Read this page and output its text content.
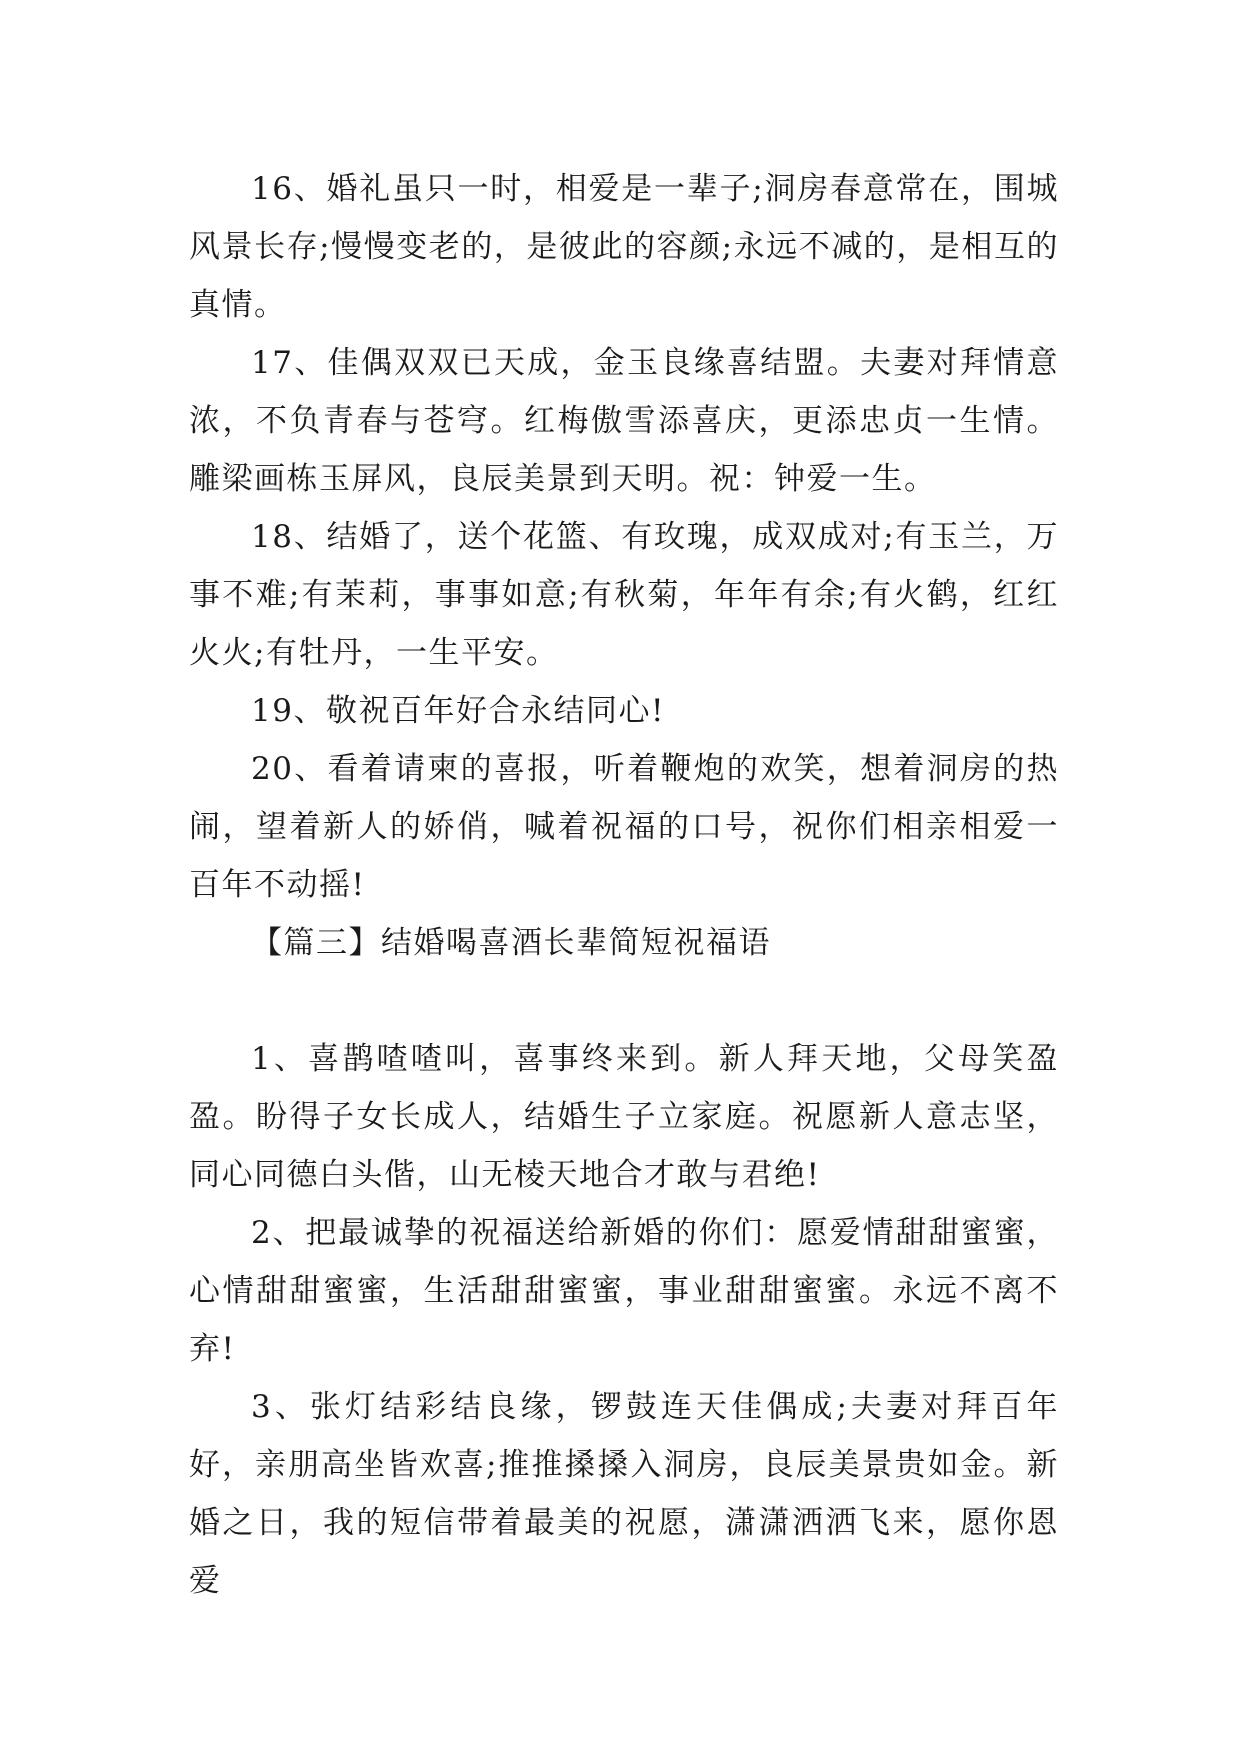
16、婚礼虽只一时，相爱是一辈子;洞房春意常在，围城风景长存;慢慢变老的，是彼此的容颜;永远不减的，是相互的真情。

17、佳偶双双已天成，金玉良缘喜结盟。夫妻对拜情意浓，不负青春与苍穹。红梅傲雪添喜庆，更添忠贞一生情。雕梁画栋玉屏风，良辰美景到天明。祝：钟爱一生。

18、结婚了，送个花篮、有玫瑰，成双成对;有玉兰，万事不难;有茉莉，事事如意;有秋菊，年年有余;有火鹤，红红火火;有牡丹，一生平安。

19、敬祝百年好合永结同心!

20、看着请柬的喜报，听着鞭炮的欢笑，想着洞房的热闹，望着新人的娇俏，喊着祝福的口号，祝你们相亲相爱一百年不动摇!

【篇三】结婚喝喜酒长辈简短祝福语

1、喜鹊喳喳叫，喜事终来到。新人拜天地，父母笑盈盈。盼得子女长成人，结婚生子立家庭。祝愿新人意志坚，同心同德白头偕，山无棱天地合才敢与君绝!

2、把最诚挚的祝福送给新婚的你们：愿爱情甜甜蜜蜜，心情甜甜蜜蜜，生活甜甜蜜蜜，事业甜甜蜜蜜。永远不离不弃!

3、张灯结彩结良缘，锣鼓连天佳偶成;夫妻对拜百年好，亲朋高坐皆欢喜;推推搡搡入洞房，良辰美景贵如金。新婚之日，我的短信带着最美的祝愿，潇潇洒洒飞来，愿你恩爱
